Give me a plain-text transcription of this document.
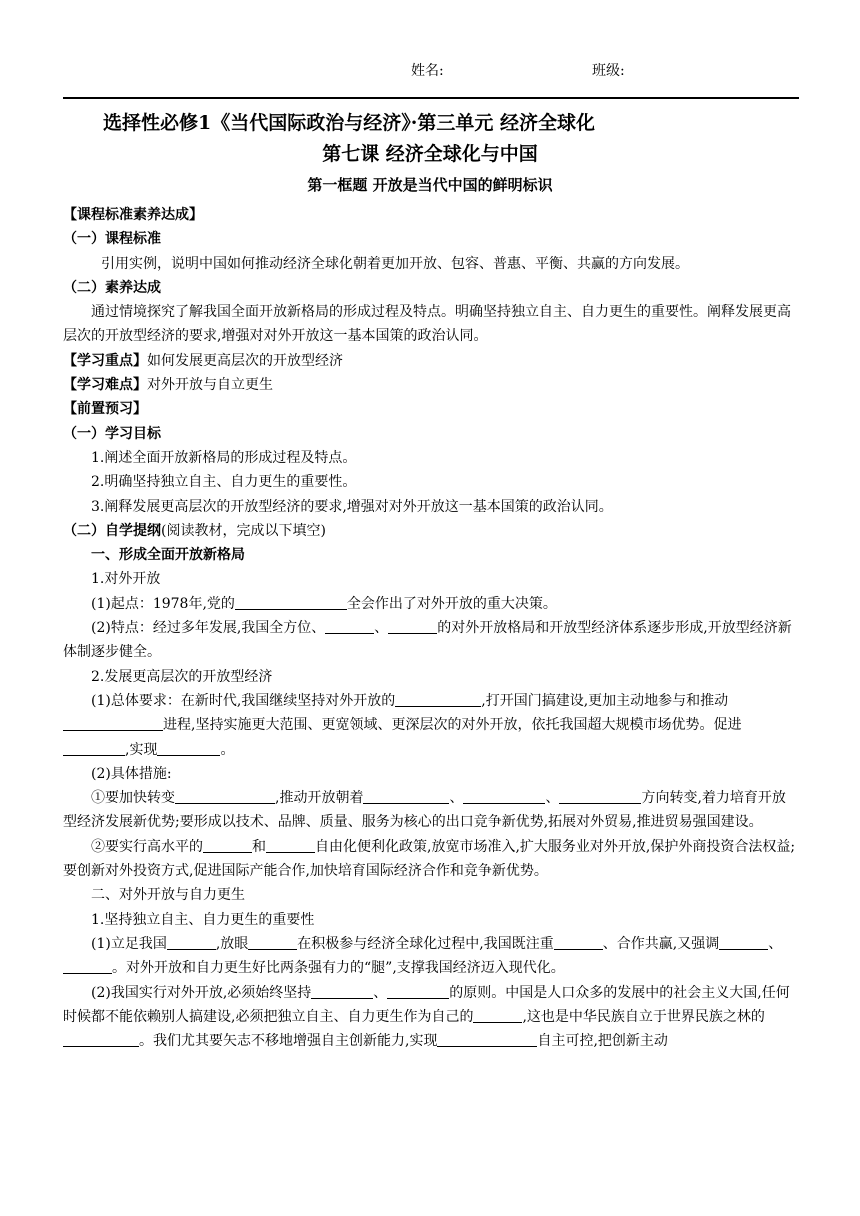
姓名:	班级:
选择性必修1《当代国际政治与经济》·第三单元 经济全球化
第七课 经济全球化与中国
第一框题 开放是当代中国的鲜明标识

【课程标准素养达成】

（一）课程标准

引用实例，说明中国如何推动经济全球化朝着更加开放、包容、普惠、平衡、共赢的方向发展。

（二）素养达成

通过情境探究了解我国全面开放新格局的形成过程及特点。明确坚持独立自主、自力更生的重要性。阐释发展更高层次的开放型经济的要求,增强对对外开放这一基本国策的政治认同。

【学习重点】如何发展更高层次的开放型经济

【学习难点】对外开放与自立更生

【前置预习】

（一）学习目标

1.阐述全面开放新格局的形成过程及特点。

2.明确坚持独立自主、自力更生的重要性。

3.阐释发展更高层次的开放型经济的要求,增强对对外开放这一基本国策的政治认同。

（二）自学提纲(阅读教材，完成以下填空)

一、形成全面开放新格局

1.对外开放

(1)起点：1978年,党的	全会作出了对外开放的重大决策。

(2)特点：经过多年发展,我国全方位、	、	的对外开放格局和开放型经济体系逐步形成,开放型经济新体制逐步健全。

2.发展更高层次的开放型经济

(1)总体要求：在新时代,我国继续坚持对外开放的	,打开国门搞建设,更加主动地参与和推动进程,坚持实施更大范围、更宽领域、更深层次的对外开放，依托我国超大规模市场优势。促进,实现	。

(2)具体措施:

①要加快转变	,推动开放朝着	、	、	方向转变,着力培育开放型经济发展新优势;要形成以技术、品牌、质量、服务为核心的出口竞争新优势,拓展对外贸易,推进贸易强国建设。

②要实行高水平的	和	自由化便利化政策,放宽市场准入,扩大服务业对外开放,保护外商投资合法权益;要创新对外投资方式,促进国际产能合作,加快培育国际经济合作和竞争新优势。

二、对外开放与自力更生

1.坚持独立自主、自力更生的重要性

(1)立足我国	,放眼	在积极参与经济全球化过程中,我国既注重	、合作共赢,又强调	、。对外开放和自力更生好比两条强有力的“腿”,支撑我国经济迈入现代化。

(2)我国实行对外开放,必须始终坚持	、	的原则。中国是人口众多的发展中的社会主义大国,任何时候都不能依赖别人搞建设,必须把独立自主、自力更生作为自己的	,这也是中华民族自立于世界民族之林的。我们尤其要矢志不移地增强自主创新能力,实现	自主可控,把创新主动
